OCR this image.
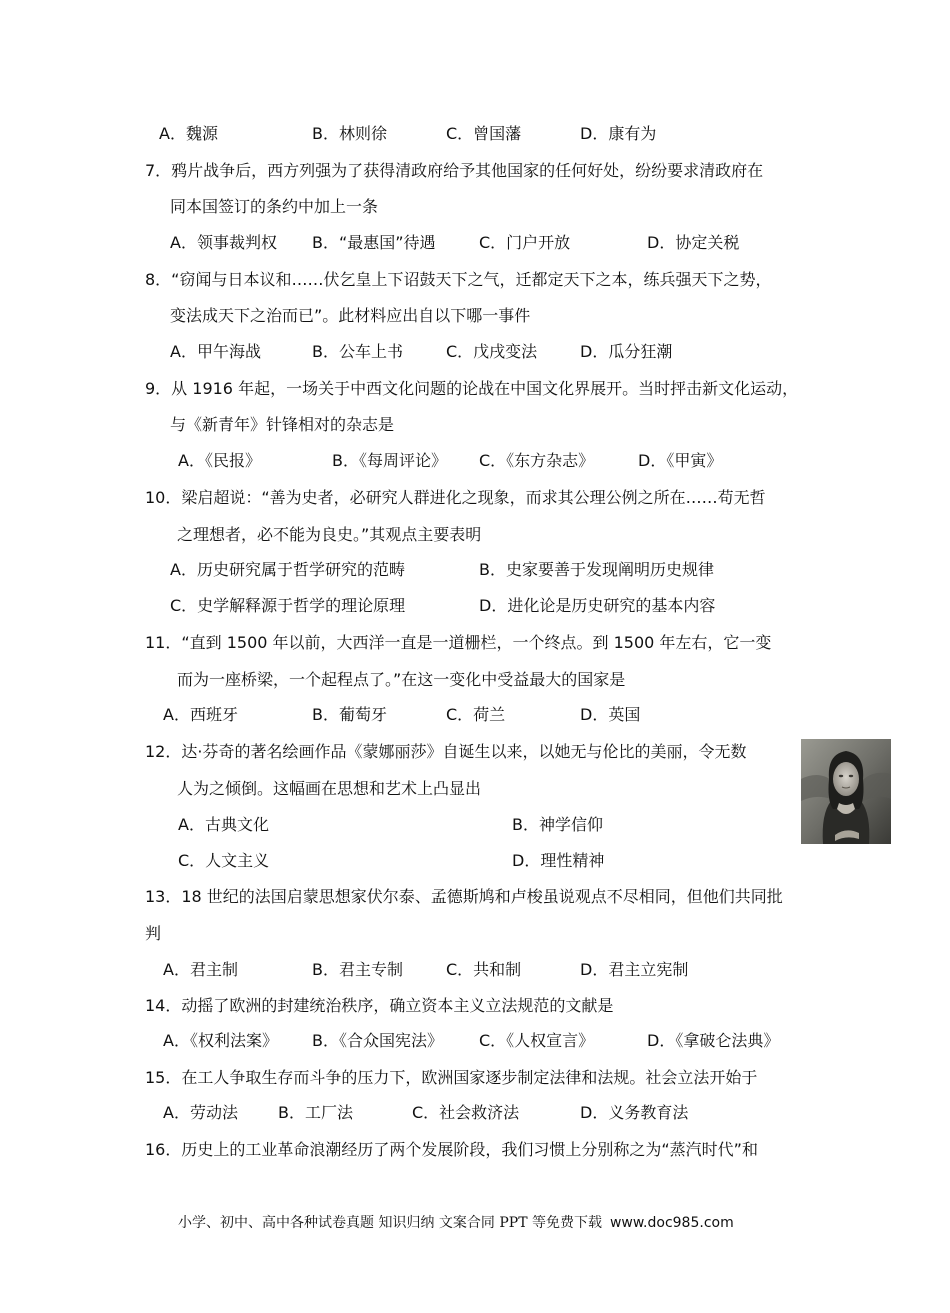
A．魏源	B．林则徐	C．曾国藩	D．康有为
7．鸦片战争后，西方列强为了获得清政府给予其他国家的任何好处，纷纷要求清政府在
同本国签订的条约中加上一条
A．领事裁判权 B．“最惠国”待遇	C．门户开放	D．协定关税
8．“窃闻与日本议和……伏乞皇上下诏鼓天下之气，迁都定天下之本，练兵强天下之势，
变法成天下之治而已”。此材料应出自以下哪一事件
A．甲午海战	B．公车上书	C．戊戌变法	D．瓜分狂潮
9．从 1916 年起，一场关于中西文化问题的论战在中国文化界展开。当时抨击新文化运动，
与《新青年》针锋相对的杂志是
A．《民报》	B．《每周评论》 C．《东方杂志》	D．《甲寅》
10．梁启超说：“善为史者，必研究人群进化之现象，而求其公理公例之所在……苟无哲
之理想者，必不能为良史。”其观点主要表明
A．历史研究属于哲学研究的范畴	B．史家要善于发现阐明历史规律
C．史学解释源于哲学的理论原理	D．进化论是历史研究的基本内容
11．“直到 1500 年以前，大西洋一直是一道栅栏，一个终点。到 1500 年左右，它一变
而为一座桥梁，一个起程点了。”在这一变化中受益最大的国家是
A．西班牙	B．葡萄牙	C．荷兰	D．英国
12．达·芬奇的著名绘画作品《蒙娜丽莎》自诞生以来，以她无与伦比的美丽，令无数
人为之倾倒。这幅画在思想和艺术上凸显出
A．古典文化	B．神学信仰
C．人文主义	D．理性精神
13．18 世纪的法国启蒙思想家伏尔泰、孟德斯鸠和卢梭虽说观点不尽相同，但他们共同批
判
A．君主制	B．君主专制	C．共和制	D．君主立宪制
14．动摇了欧洲的封建统治秩序，确立资本主义立法规范的文献是
A．《权利法案》 B．《合众国宪法》 C．《人权宣言》	D．《拿破仑法典》
15．在工人争取生存而斗争的压力下，欧洲国家逐步制定法律和法规。社会立法开始于
A．劳动法	B．工厂法	C．社会救济法	D．义务教育法
16．历史上的工业革命浪潮经历了两个发展阶段，我们习惯上分别称之为“蒸汽时代”和
小学、初中、高中各种试卷真题 知识归纳 文案合同 PPT 等免费下载 www.doc985.com
